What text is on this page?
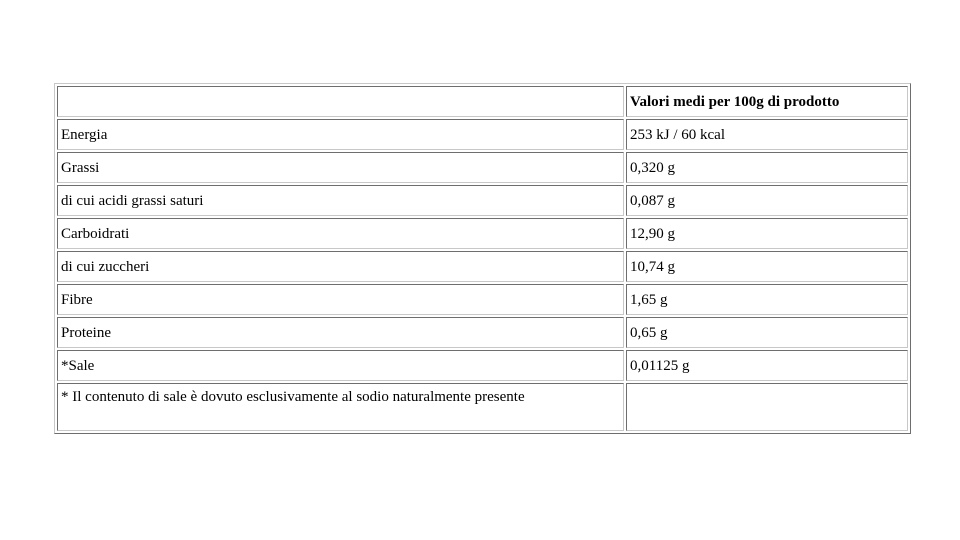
	Valori medi per 100g di prodotto
Energia	253 kJ / 60 kcal
Grassi	0,320 g
di cui acidi grassi saturi	0,087 g
Carboidrati	12,90 g
di cui zuccheri	10,74 g
Fibre	1,65 g
Proteine	0,65 g
*Sale	0,01125 g
* Il contenuto di sale è dovuto esclusivamente al sodio naturalmente presente	
